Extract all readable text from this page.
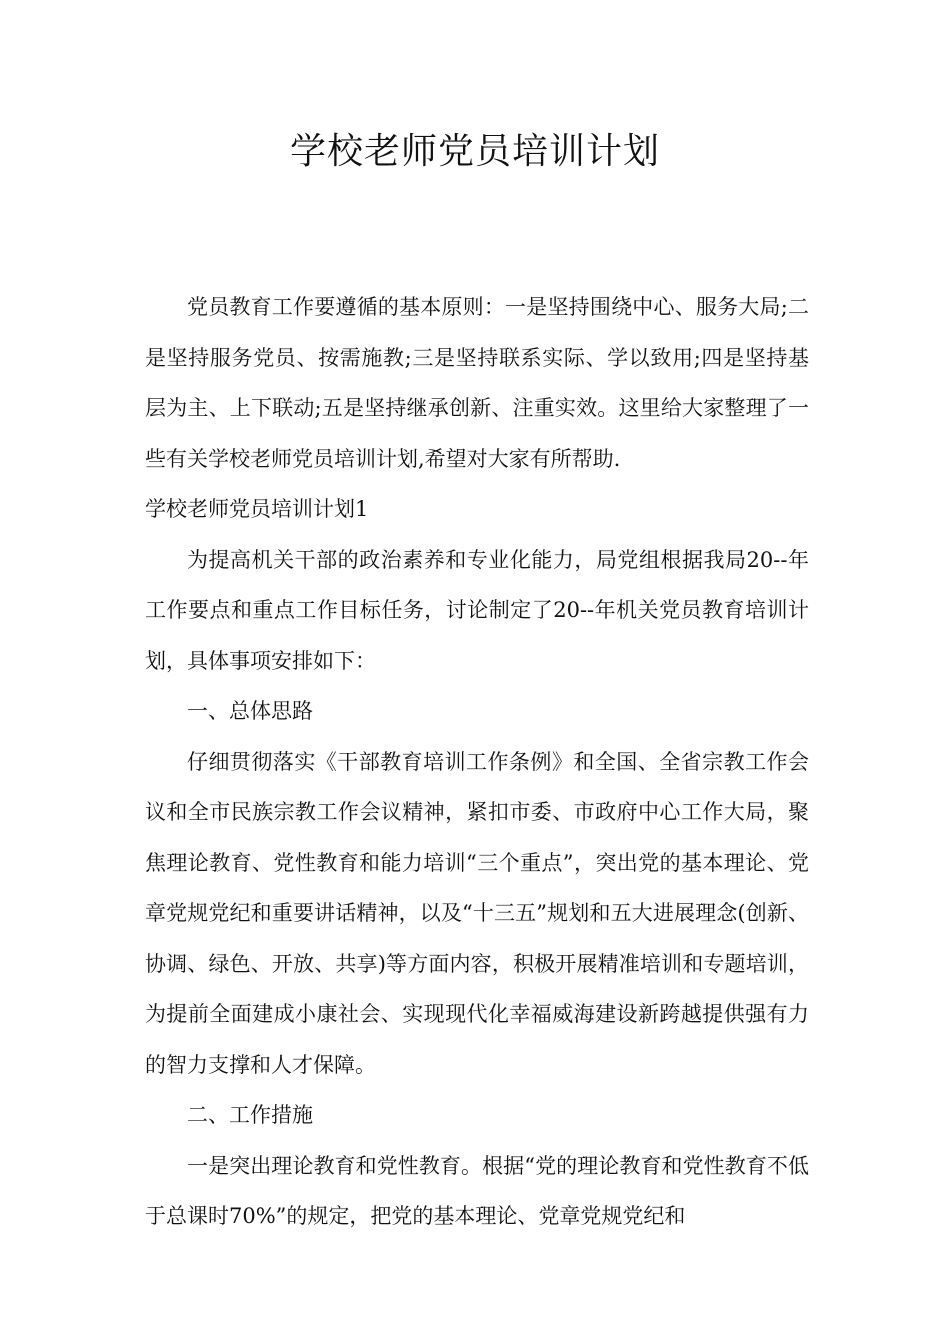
学校老师党员培训计划

党员教育工作要遵循的基本原则：一是坚持围绕中心、服务大局;二是坚持服务党员、按需施教;三是坚持联系实际、学以致用;四是坚持基层为主、上下联动;五是坚持继承创新、注重实效。这里给大家整理了一些有关学校老师党员培训计划,希望对大家有所帮助.

学校老师党员培训计划1

为提高机关干部的政治素养和专业化能力，局党组根据我局20--年工作要点和重点工作目标任务，讨论制定了20--年机关党员教育培训计划，具体事项安排如下：

一、总体思路

仔细贯彻落实《干部教育培训工作条例》和全国、全省宗教工作会议和全市民族宗教工作会议精神，紧扣市委、市政府中心工作大局，聚焦理论教育、党性教育和能力培训“三个重点”，突出党的基本理论、党章党规党纪和重要讲话精神，以及“十三五”规划和五大进展理念(创新、协调、绿色、开放、共享)等方面内容，积极开展精准培训和专题培训，为提前全面建成小康社会、实现现代化幸福威海建设新跨越提供强有力的智力支撑和人才保障。

二、工作措施

一是突出理论教育和党性教育。根据“党的理论教育和党性教育不低于总课时70%”的规定，把党的基本理论、党章党规党纪和
